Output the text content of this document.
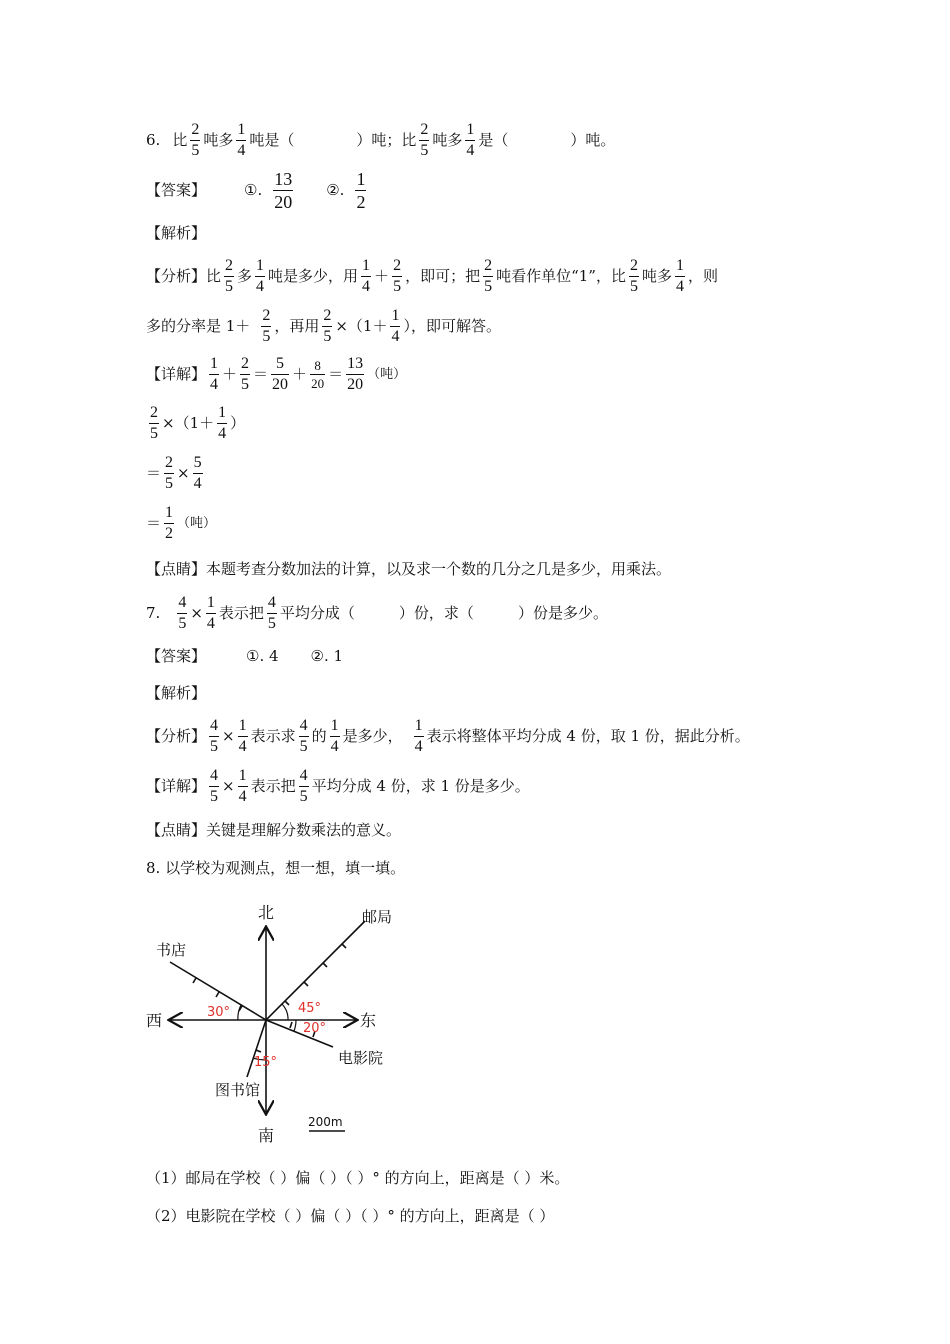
6. 比 $\frac{2}{5}$ 吨多 $\frac{1}{4}$ 吨是（	）吨；比 $\frac{2}{5}$ 吨多 $\frac{1}{4}$ 是（	）吨。
【答案】	①. $\frac{13}{20}$ ②. $\frac{1}{2}$
【解析】
【分析】比 $\frac{2}{5}$ 多 $\frac{1}{4}$ 吨是多少，用 $\frac{1}{4} + \frac{2}{5}$ ，即可；把 $\frac{2}{5}$ 吨看作单位“1”，比 $\frac{2}{5}$ 吨多 $\frac{1}{4}$ ，则
多的分率是 $1+ \frac{2}{5}$ ，再用 $\frac{2}{5} \times(1+ \frac{1}{4}$ ），即可解答。
【详解】 $\frac{1}{4} + \frac{2}{5} = \frac{5}{20} + \frac{8}{20} = \frac{13}{20}$ （吨）
$\frac{2}{5} \times(1+ \frac{1}{4}$ ）
＝ $\frac{2}{5} \times \frac{5}{4}$
＝ $\frac{1}{2}$ （吨）
【点睛】本题考查分数加法的计算，以及求一个数的几分之几是多少，用乘法。
7. $\frac{4}{5} \times \frac{1}{4}$ 表示把 $\frac{4}{5}$ 平均分成（	）份，求（	）份是多少。
【答案】	①. 4 ②. 1
【解析】
【分析】 $\frac{4}{5} \times \frac{1}{4}$ 表示求 $\frac{4}{5}$ 的 $\frac{1}{4}$ 是多少， $\frac{1}{4}$ 表示将整体平均分成 4 份，取 1 份，据此分析。
【详解】 $\frac{4}{5} \times \frac{1}{4}$ 表示把 $\frac{4}{5}$ 平均分成 4 份，求 1 份是多少。
【点睛】关键是理解分数乘法的意义。
8. 以学校为观测点，想一想，填一填。
北
南
东
西
邮局
书店
电影院
图书馆
200m
30°	45°
20°
15°
（1）邮局在学校（ ）偏（ ）（ ）° 的方向上，距离是（ ）米。
（2）电影院在学校（ ）偏（ ）（ ）° 的方向上，距离是（ ）
